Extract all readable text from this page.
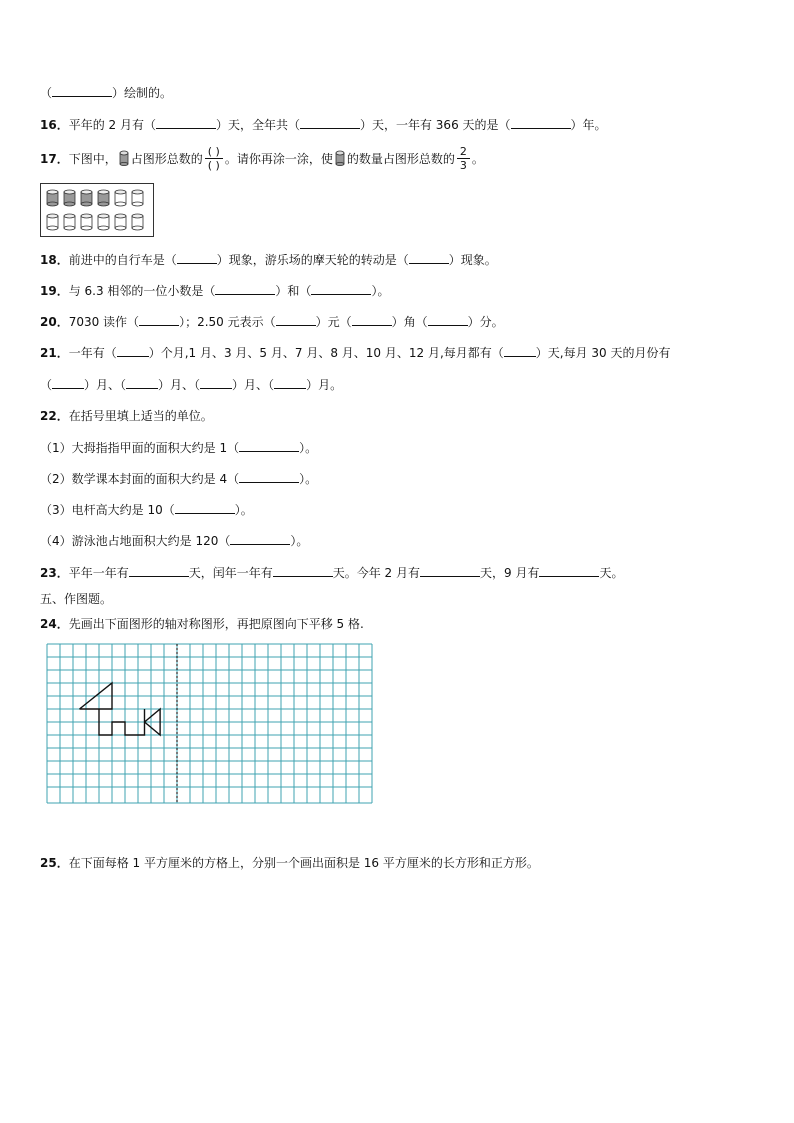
（	）绘制的。
16．平年的 2 月有（	）天，全年共（	）天，一年有 366 天的是（	）年。
17． 下图中， 占图形总数的 $\frac{( )}{( )}$ 。请你再涂一涂，使 的数量占图形总数的 $\frac{2}{3}$ 。
18．前进中的自行车是（	）现象，游乐场的摩天轮的转动是（	）现象。
19．与 6.3 相邻的一位小数是（	）和（	）。
20．7030 读作（	）；2.50 元表示（	）元（	）角（	）分。
21．一年有（	）个月,1 月、3 月、5 月、7 月、8 月、10 月、12 月,每月都有（	）天,每月 30 天的月份有
（	）月、（	）月、（	）月、（	）月。
22．在括号里填上适当的单位。
（1）大拇指指甲面的面积大约是 1（	）。
（2）数学课本封面的面积大约是 4（	）。
（3）电杆高大约是 10（	）。
（4）游泳池占地面积大约是 120（	）。
23．平年一年有	天，闰年一年有	天。今年 2 月有	天，9 月有	天。
五、作图题。
24．先画出下面图形的轴对称图形，再把原图向下平移 5 格.
25．在下面每格 1 平方厘米的方格上，分别一个画出面积是 16 平方厘米的长方形和正方形。
